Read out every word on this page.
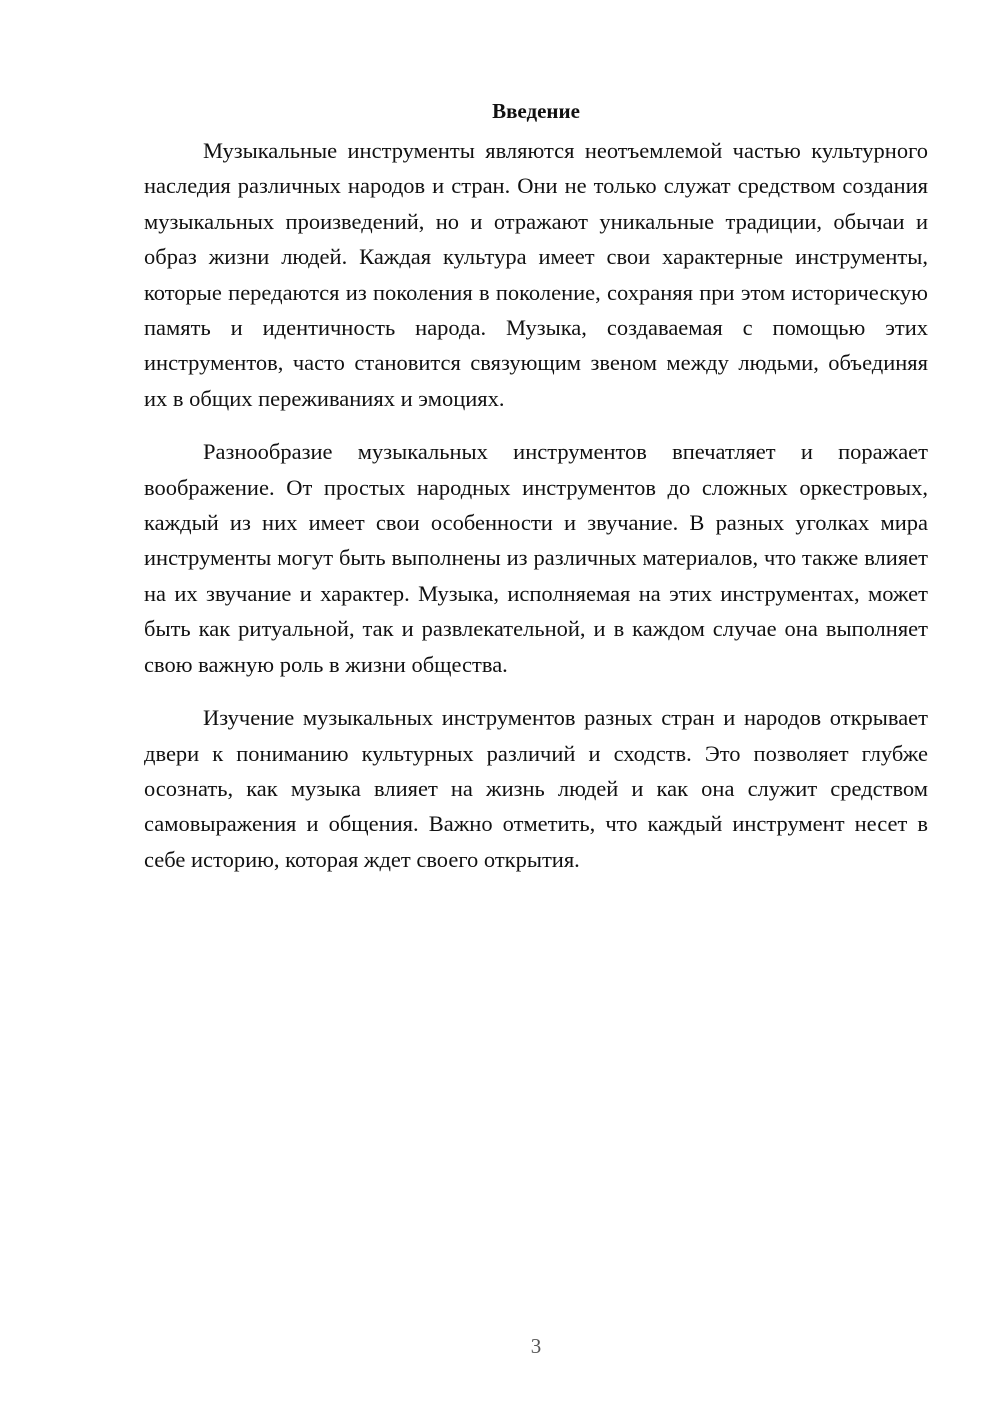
Введение

Музыкальные инструменты являются неотъемлемой частью культурного наследия различных народов и стран. Они не только служат средством создания музыкальных произведений, но и отражают уникальные традиции, обычаи и образ жизни людей. Каждая культура имеет свои характерные инструменты, которые передаются из поколения в поколение, сохраняя при этом историческую память и идентичность народа. Музыка, создаваемая с помощью этих инструментов, часто становится связующим звеном между людьми, объединяя их в общих переживаниях и эмоциях.

Разнообразие музыкальных инструментов впечатляет и поражает воображение. От простых народных инструментов до сложных оркестровых, каждый из них имеет свои особенности и звучание. В разных уголках мира инструменты могут быть выполнены из различных материалов, что также влияет на их звучание и характер. Музыка, исполняемая на этих инструментах, может быть как ритуальной, так и развлекательной, и в каждом случае она выполняет свою важную роль в жизни общества.

Изучение музыкальных инструментов разных стран и народов открывает двери к пониманию культурных различий и сходств. Это позволяет глубже осознать, как музыка влияет на жизнь людей и как она служит средством самовыражения и общения. Важно отметить, что каждый инструмент несет в себе историю, которая ждет своего открытия.

3
